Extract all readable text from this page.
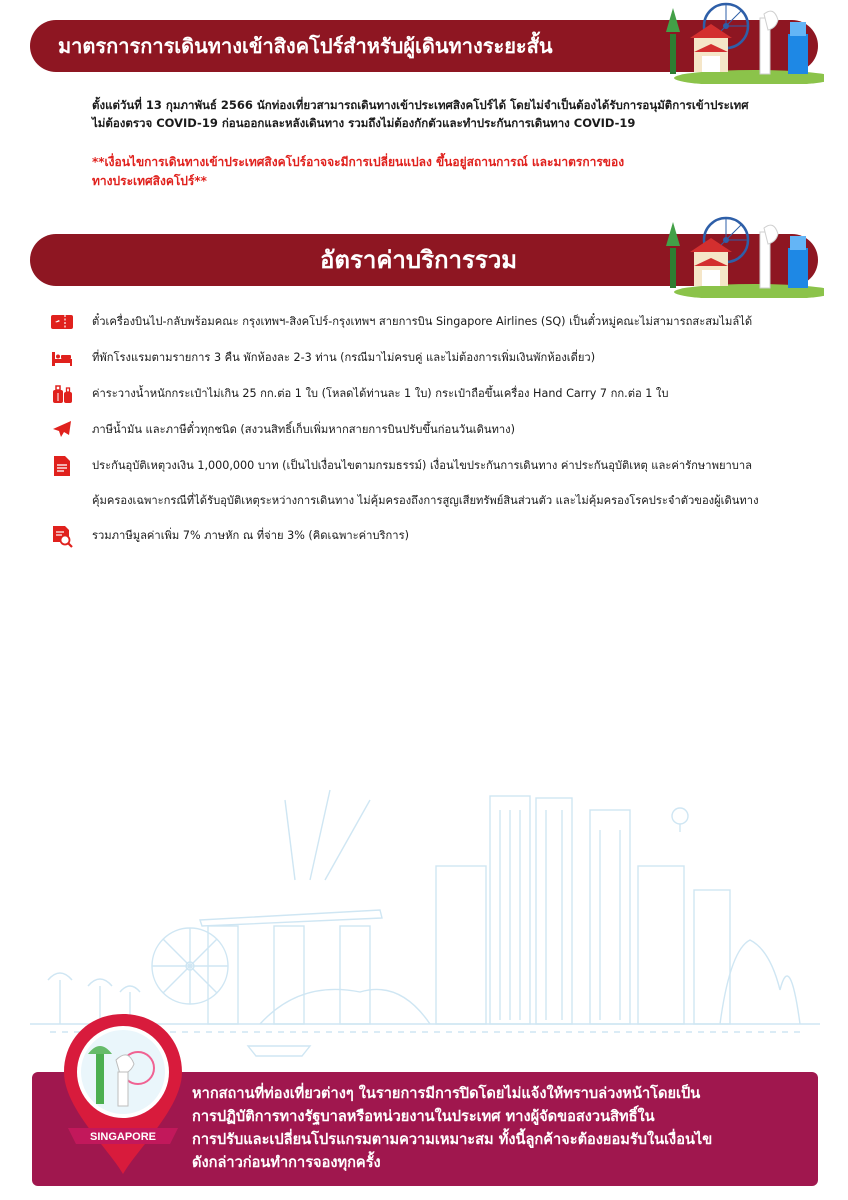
มาตรการการเดินทางเข้าสิงคโปร์สำหรับผู้เดินทางระยะสั้น
ตั้งแต่วันที่ 13 กุมภาพันธ์ 2566 นักท่องเที่ยวสามารถเดินทางเข้าประเทศสิงคโปร์ได้ โดยไม่จำเป็นต้องได้รับการอนุมัติการเข้าประเทศ
ไม่ต้องตรวจ COVID-19 ก่อนออกและหลังเดินทาง รวมถึงไม่ต้องกักตัวและทำประกันการเดินทาง COVID-19
**เงื่อนไขการเดินทางเข้าประเทศสิงคโปร์อาจจะมีการเปลี่ยนแปลง ขึ้นอยู่สถานการณ์ และมาตรการของ
ทางประเทศสิงคโปร์**
อัตราค่าบริการรวม
ตั๋วเครื่องบินไป-กลับพร้อมคณะ กรุงเทพฯ-สิงคโปร์-กรุงเทพฯ สายการบิน Singapore Airlines (SQ) เป็นตั๋วหมู่คณะไม่สามารถสะสมไมล์ได้
ที่พักโรงแรมตามรายการ 3 คืน พักห้องละ 2-3 ท่าน (กรณีมาไม่ครบคู่ และไม่ต้องการเพิ่มเงินพักห้องเดี่ยว)
ค่าระวางน้ำหนักกระเป๋าไม่เกิน 25 กก.ต่อ 1 ใบ (โหลดได้ท่านละ 1 ใบ) กระเป๋าถือขึ้นเครื่อง Hand Carry 7 กก.ต่อ 1 ใบ
ภาษีน้ำมัน และภาษีตั๋วทุกชนิด (สงวนสิทธิ์เก็บเพิ่มหากสายการบินปรับขึ้นก่อนวันเดินทาง)
ประกันอุบัติเหตุวงเงิน 1,000,000 บาท (เป็นไปเงื่อนไขตามกรมธรรม์) เงื่อนไขประกันการเดินทาง ค่าประกันอุบัติเหตุ และค่ารักษาพยาบาล
คุ้มครองเฉพาะกรณีที่ได้รับอุบัติเหตุระหว่างการเดินทาง ไม่คุ้มครองถึงการสูญเสียทรัพย์สินส่วนตัว และไม่คุ้มครองโรคประจำตัวของผู้เดินทาง
รวมภาษีมูลค่าเพิ่ม 7% ภาษหัก ณ ที่จ่าย 3% (คิดเฉพาะค่าบริการ)
หากสถานที่ท่องเที่ยวต่างๆ ในรายการมีการปิดโดยไม่แจ้งให้ทราบล่วงหน้าโดยเป็น
การปฏิบัติการทางรัฐบาลหรือหน่วยงานในประเทศ ทางผู้จัดขอสงวนสิทธิ์ใน
การปรับและเปลี่ยนโปรแกรมตามความเหมาะสม ทั้งนี้ลูกค้าจะต้องยอมรับในเงื่อนไข
ดังกล่าวก่อนทำการจองทุกครั้ง
SINGAPORE
